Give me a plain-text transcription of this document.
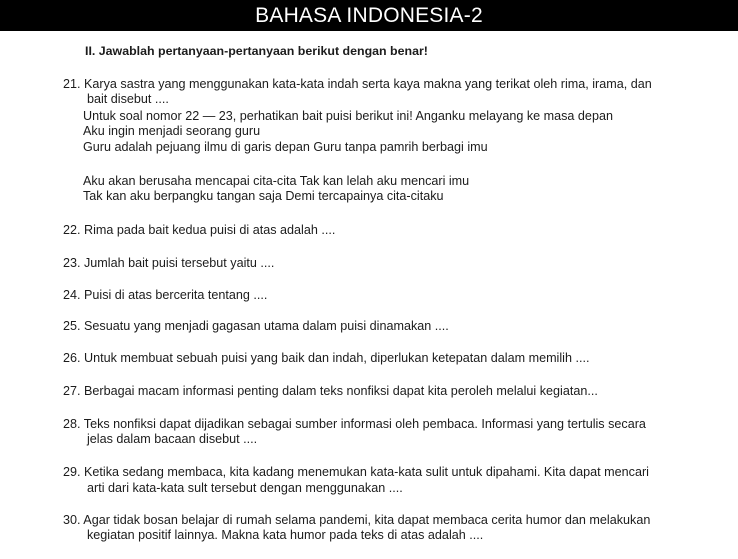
BAHASA INDONESIA-2
II. Jawablah pertanyaan-pertanyaan berikut dengan benar!
21. Karya sastra yang menggunakan kata-kata indah serta kaya makna yang terikat oleh rima, irama, dan
bait disebut ....
Untuk soal nomor 22 — 23, perhatikan bait puisi berikut ini! Anganku melayang ke masa depan
Aku ingin menjadi seorang guru
Guru adalah pejuang ilmu di garis depan Guru tanpa pamrih berbagi imu
Aku akan berusaha mencapai cita-cita Tak kan lelah aku mencari imu
Tak kan aku berpangku tangan saja Demi tercapainya cita-citaku
22. Rima pada bait kedua puisi di atas adalah ....
23. Jumlah bait puisi tersebut yaitu ....
24. Puisi di atas bercerita tentang ....
25. Sesuatu yang menjadi gagasan utama dalam puisi dinamakan ....
26. Untuk membuat sebuah puisi yang baik dan indah, diperlukan ketepatan dalam memilih ....
27. Berbagai macam informasi penting dalam teks nonfiksi dapat kita peroleh melalui kegiatan...
28. Teks nonfiksi dapat dijadikan sebagai sumber informasi oleh pembaca. Informasi yang tertulis secara
jelas dalam bacaan disebut ....
29. Ketika sedang membaca, kita kadang menemukan kata-kata sulit untuk dipahami. Kita dapat mencari
arti dari kata-kata sult tersebut dengan menggunakan ....
30. Agar tidak bosan belajar di rumah selama pandemi, kita dapat membaca cerita humor dan melakukan
kegiatan positif lainnya. Makna kata humor pada teks di atas adalah ....
